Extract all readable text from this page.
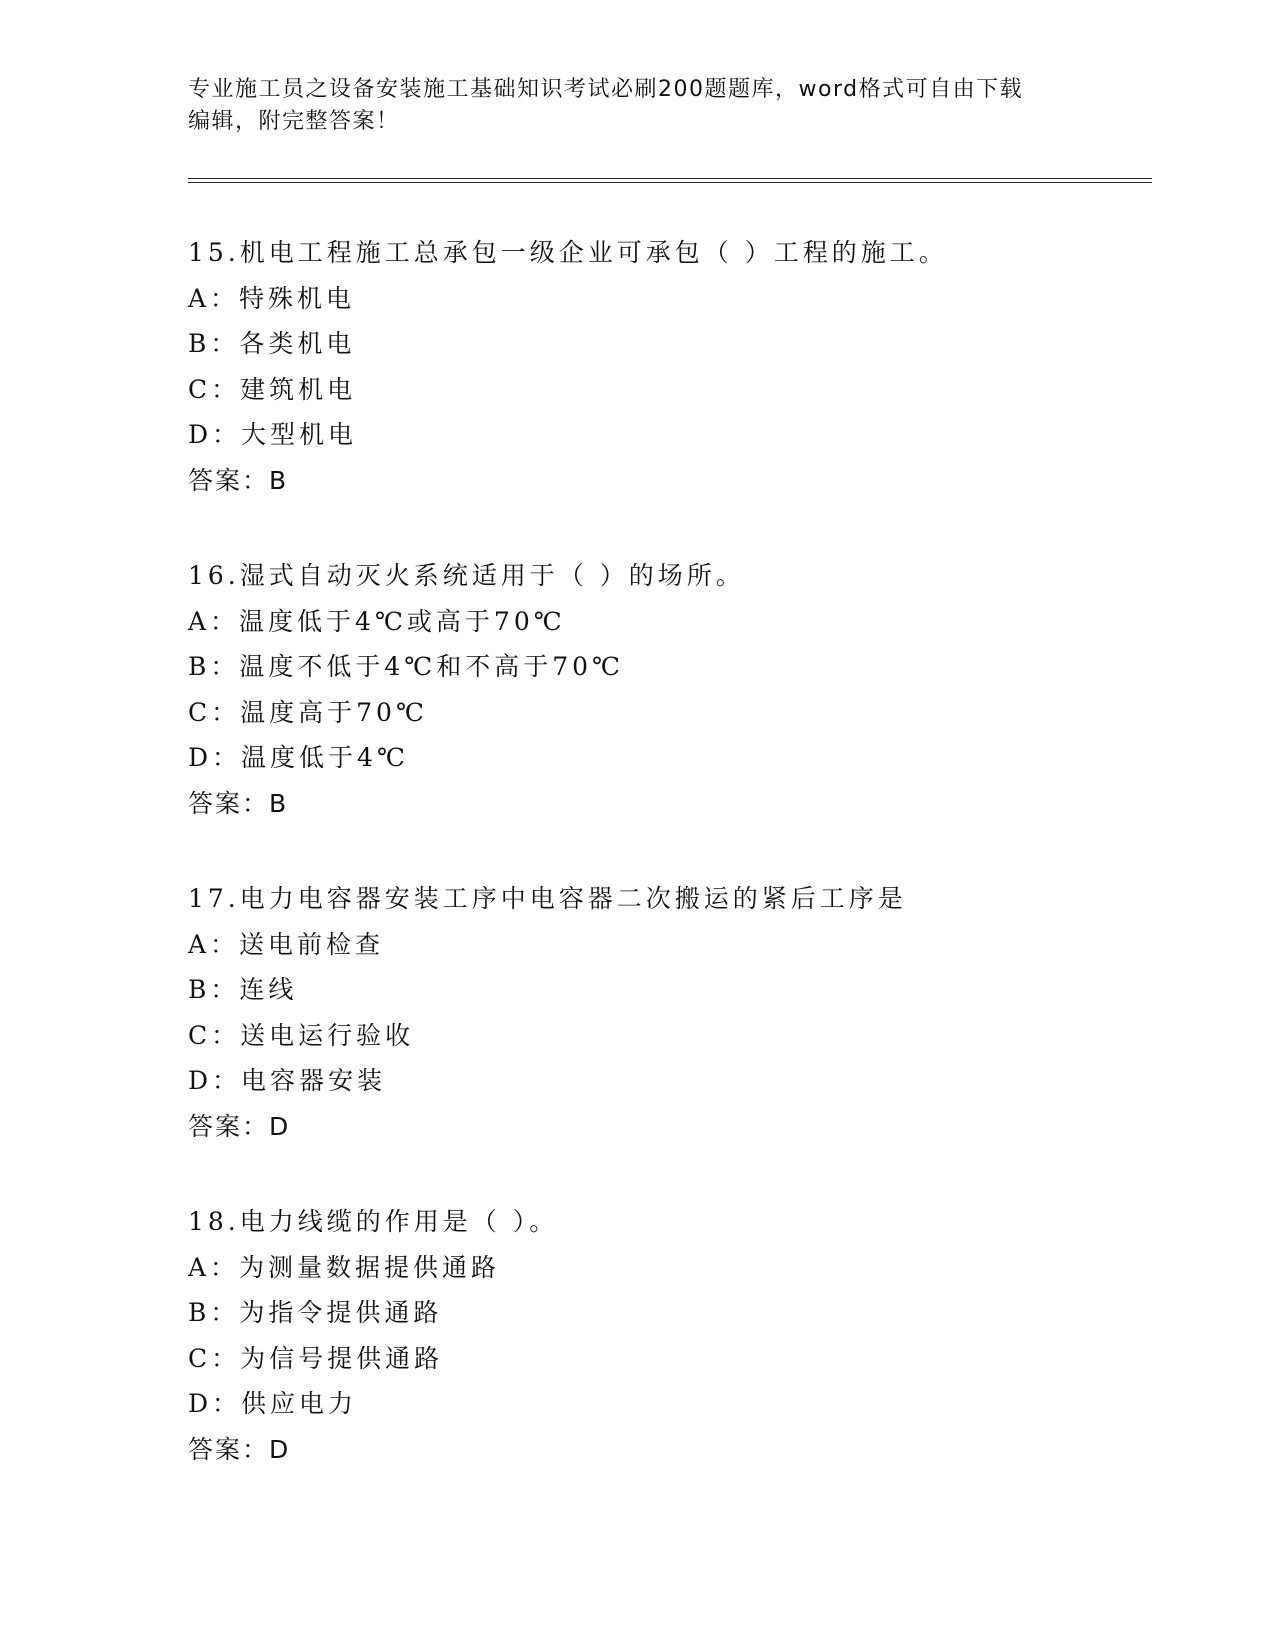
专业施工员之设备安装施工基础知识考试必刷200题题库，word格式可自由下载
编辑，附完整答案！
15.机电工程施工总承包一级企业可承包（ ）工程的施工。
A：特殊机电
B：各类机电
C：建筑机电
D：大型机电
答案：B
16.湿式自动灭火系统适用于（ ）的场所。
A：温度低于4℃或高于70℃
B：温度不低于4℃和不高于70℃
C：温度高于70℃
D：温度低于4℃
答案：B
17.电力电容器安装工序中电容器二次搬运的紧后工序是
A：送电前检查
B：连线
C：送电运行验收
D：电容器安装
答案：D
18.电力线缆的作用是（ ）。
A：为测量数据提供通路
B：为指令提供通路
C：为信号提供通路
D：供应电力
答案：D
